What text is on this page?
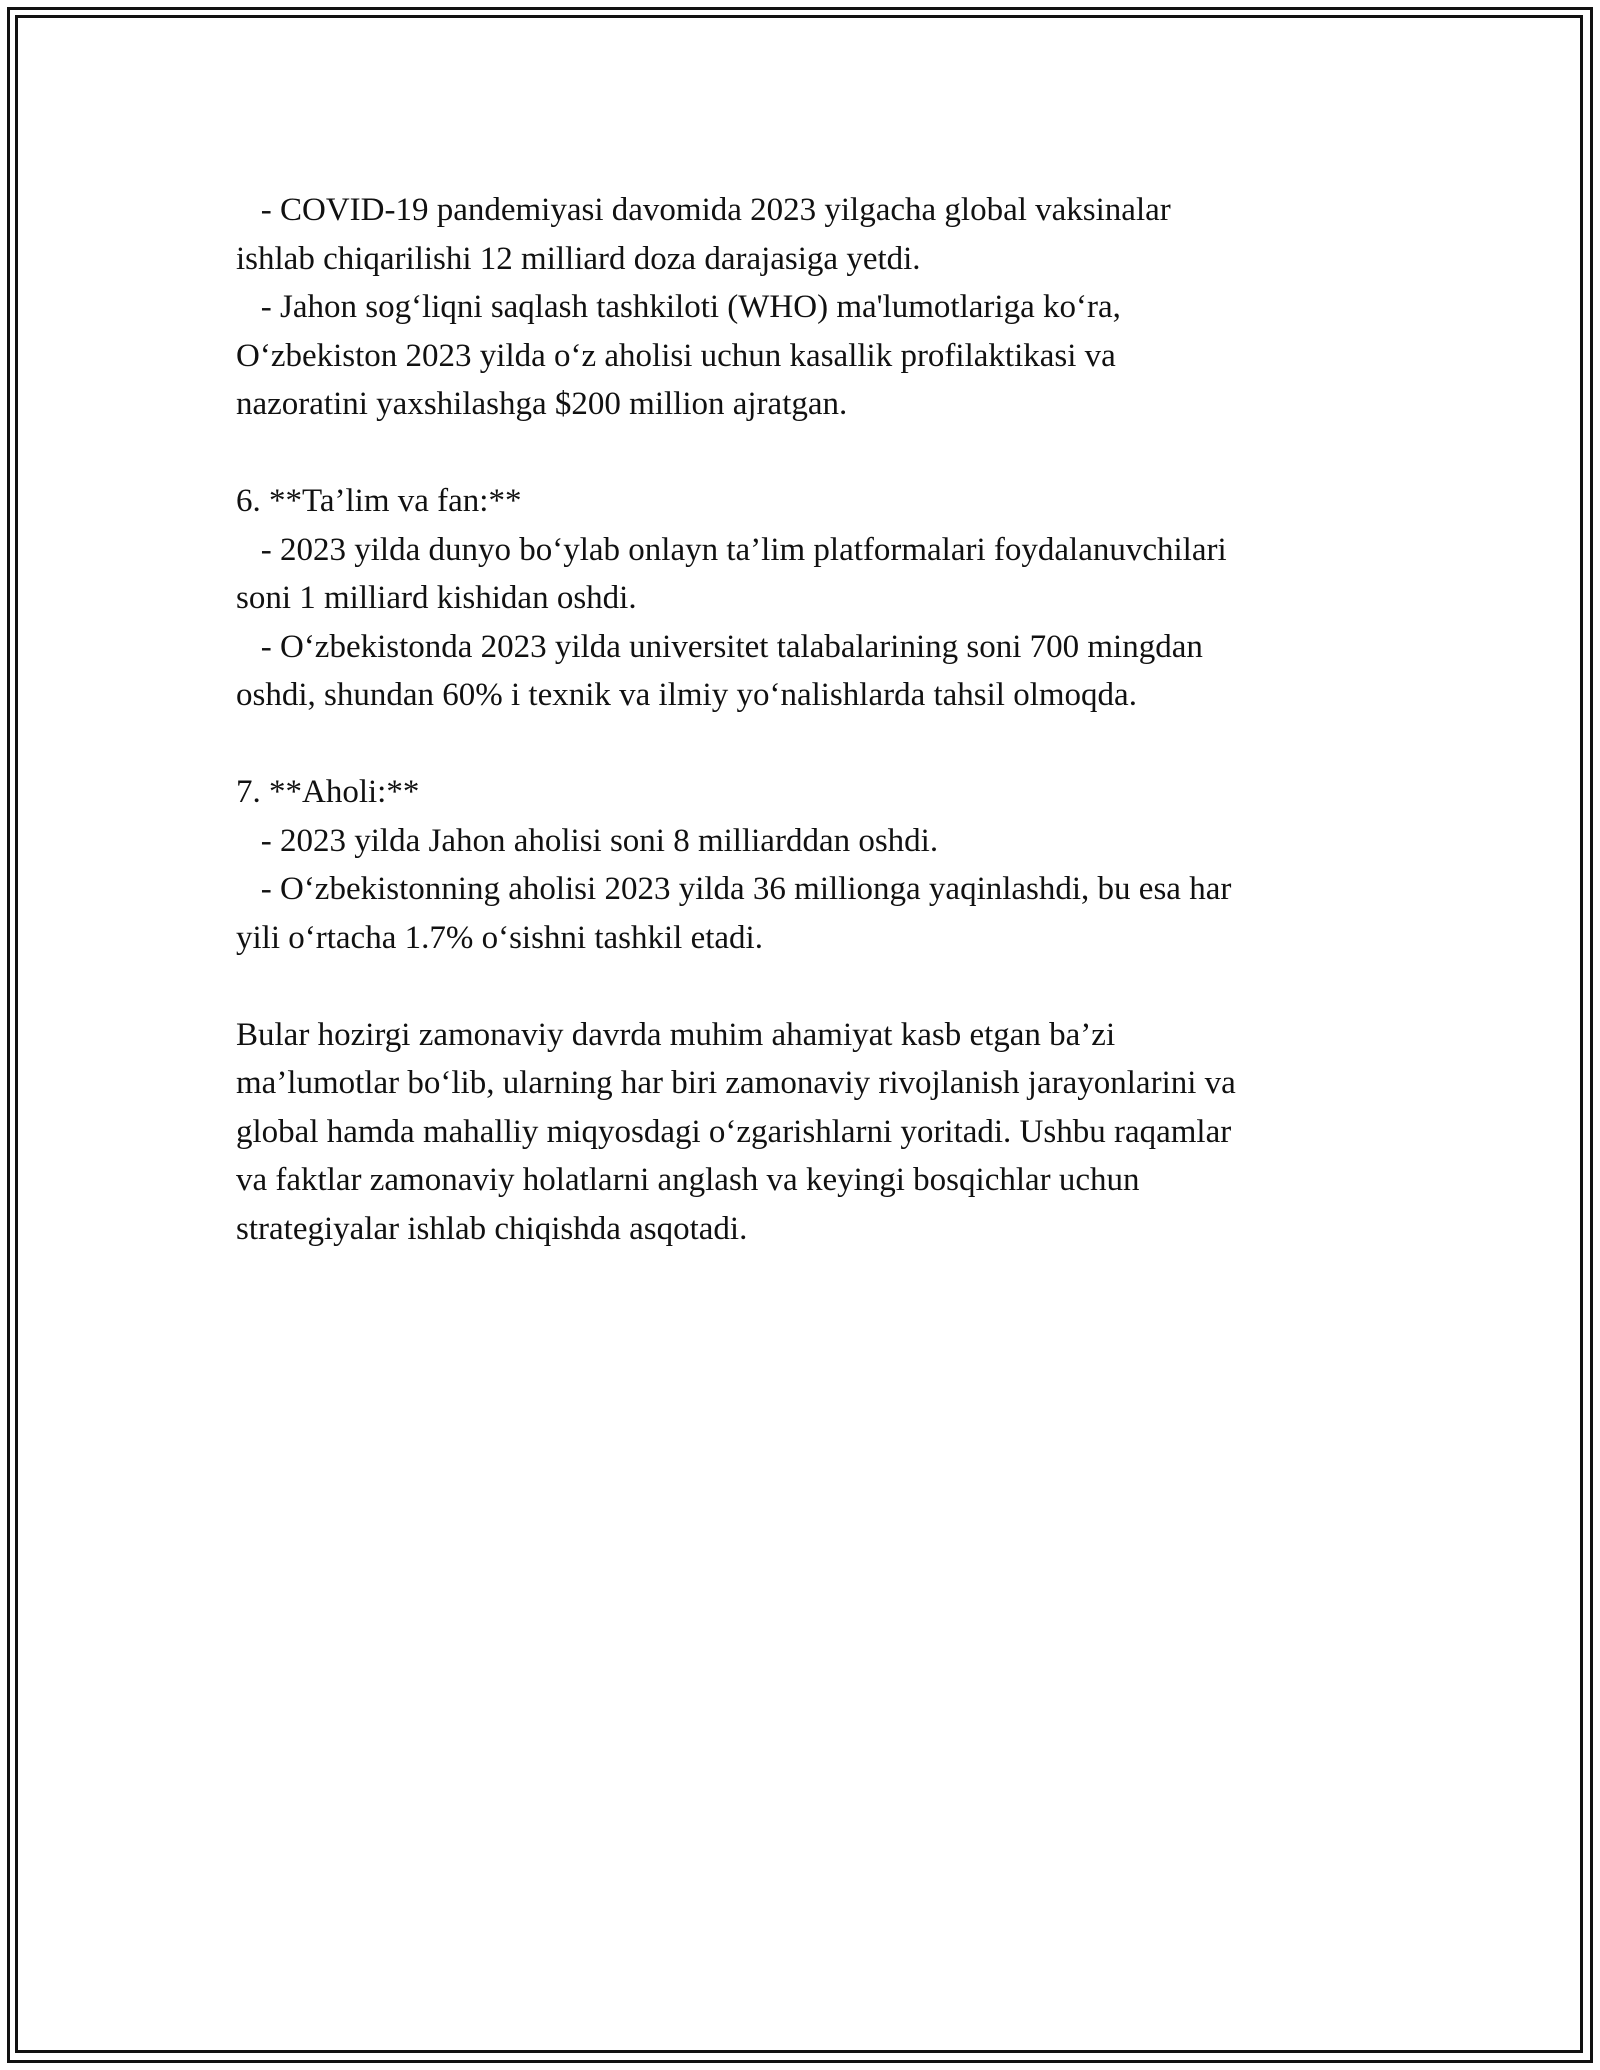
- COVID-19 pandemiyasi davomida 2023 yilgacha global vaksinalar
ishlab chiqarilishi 12 milliard doza darajasiga yetdi.
- Jahon sog‘liqni saqlash tashkiloti (WHO) ma'lumotlariga ko‘ra,
O‘zbekiston 2023 yilda o‘z aholisi uchun kasallik profilaktikasi va
nazoratini yaxshilashga $200 million ajratgan.
6. **Ta’lim va fan:**
- 2023 yilda dunyo bo‘ylab onlayn ta’lim platformalari foydalanuvchilari
soni 1 milliard kishidan oshdi.
- O‘zbekistonda 2023 yilda universitet talabalarining soni 700 mingdan
oshdi, shundan 60% i texnik va ilmiy yo‘nalishlarda tahsil olmoqda.
7. **Aholi:**
- 2023 yilda Jahon aholisi soni 8 milliarddan oshdi.
- O‘zbekistonning aholisi 2023 yilda 36 millionga yaqinlashdi, bu esa har
yili o‘rtacha 1.7% o‘sishni tashkil etadi.
Bular hozirgi zamonaviy davrda muhim ahamiyat kasb etgan ba’zi
ma’lumotlar bo‘lib, ularning har biri zamonaviy rivojlanish jarayonlarini va
global hamda mahalliy miqyosdagi o‘zgarishlarni yoritadi. Ushbu raqamlar
va faktlar zamonaviy holatlarni anglash va keyingi bosqichlar uchun
strategiyalar ishlab chiqishda asqotadi.
